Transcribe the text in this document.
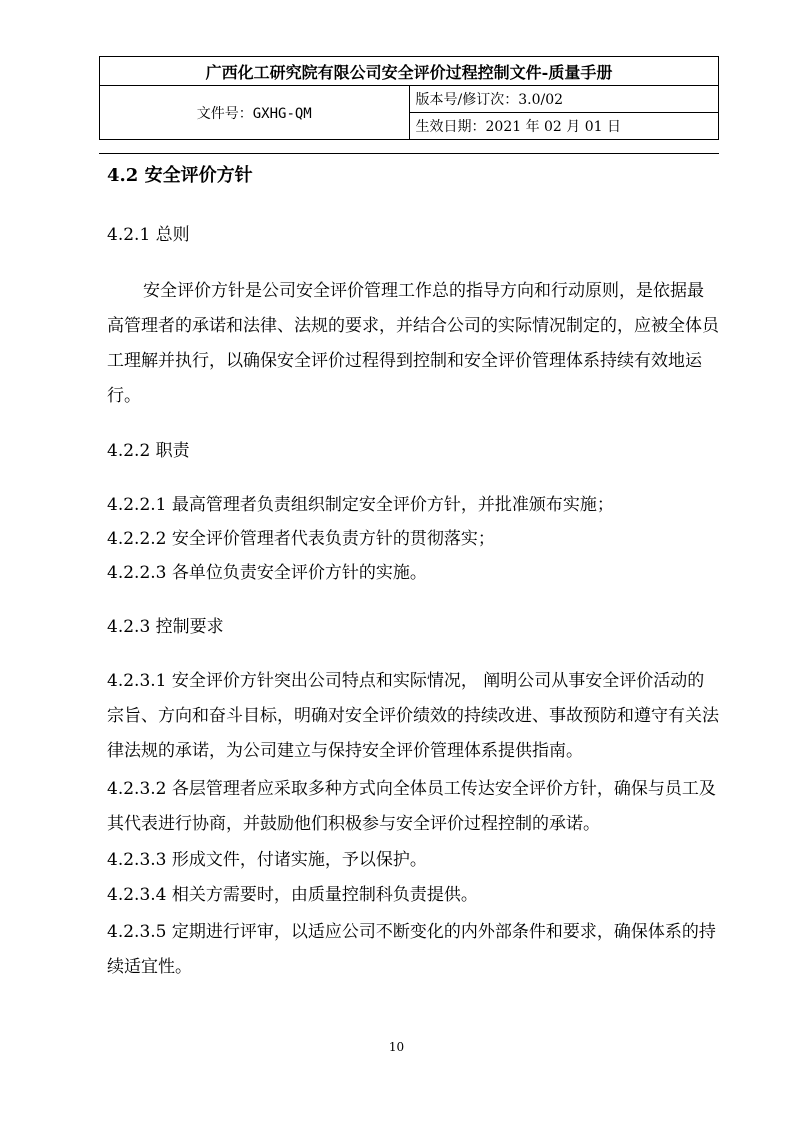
广西化工研究院有限公司安全评价过程控制文件-质量手册
文件号：GXHG-QM	版本号/修订次：3.0/02
生效日期：2021 年 02 月 01 日
4.2 安全评价方针
4.2.1 总则
安全评价方针是公司安全评价管理工作总的指导方向和行动原则，是依据最高管理者的承诺和法律、法规的要求，并结合公司的实际情况制定的，应被全体员工理解并执行，以确保安全评价过程得到控制和安全评价管理体系持续有效地运行。
4.2.2 职责
4.2.2.1 最高管理者负责组织制定安全评价方针，并批准颁布实施；
4.2.2.2 安全评价管理者代表负责方针的贯彻落实；
4.2.2.3 各单位负责安全评价方针的实施。
4.2.3 控制要求
4.2.3.1 安全评价方针突出公司特点和实际情况， 阐明公司从事安全评价活动的宗旨、方向和奋斗目标，明确对安全评价绩效的持续改进、事故预防和遵守有关法律法规的承诺，为公司建立与保持安全评价管理体系提供指南。
4.2.3.2 各层管理者应采取多种方式向全体员工传达安全评价方针，确保与员工及其代表进行协商，并鼓励他们积极参与安全评价过程控制的承诺。
4.2.3.3 形成文件，付诸实施，予以保护。
4.2.3.4 相关方需要时，由质量控制科负责提供。
4.2.3.5 定期进行评审，以适应公司不断变化的内外部条件和要求，确保体系的持续适宜性。
10
